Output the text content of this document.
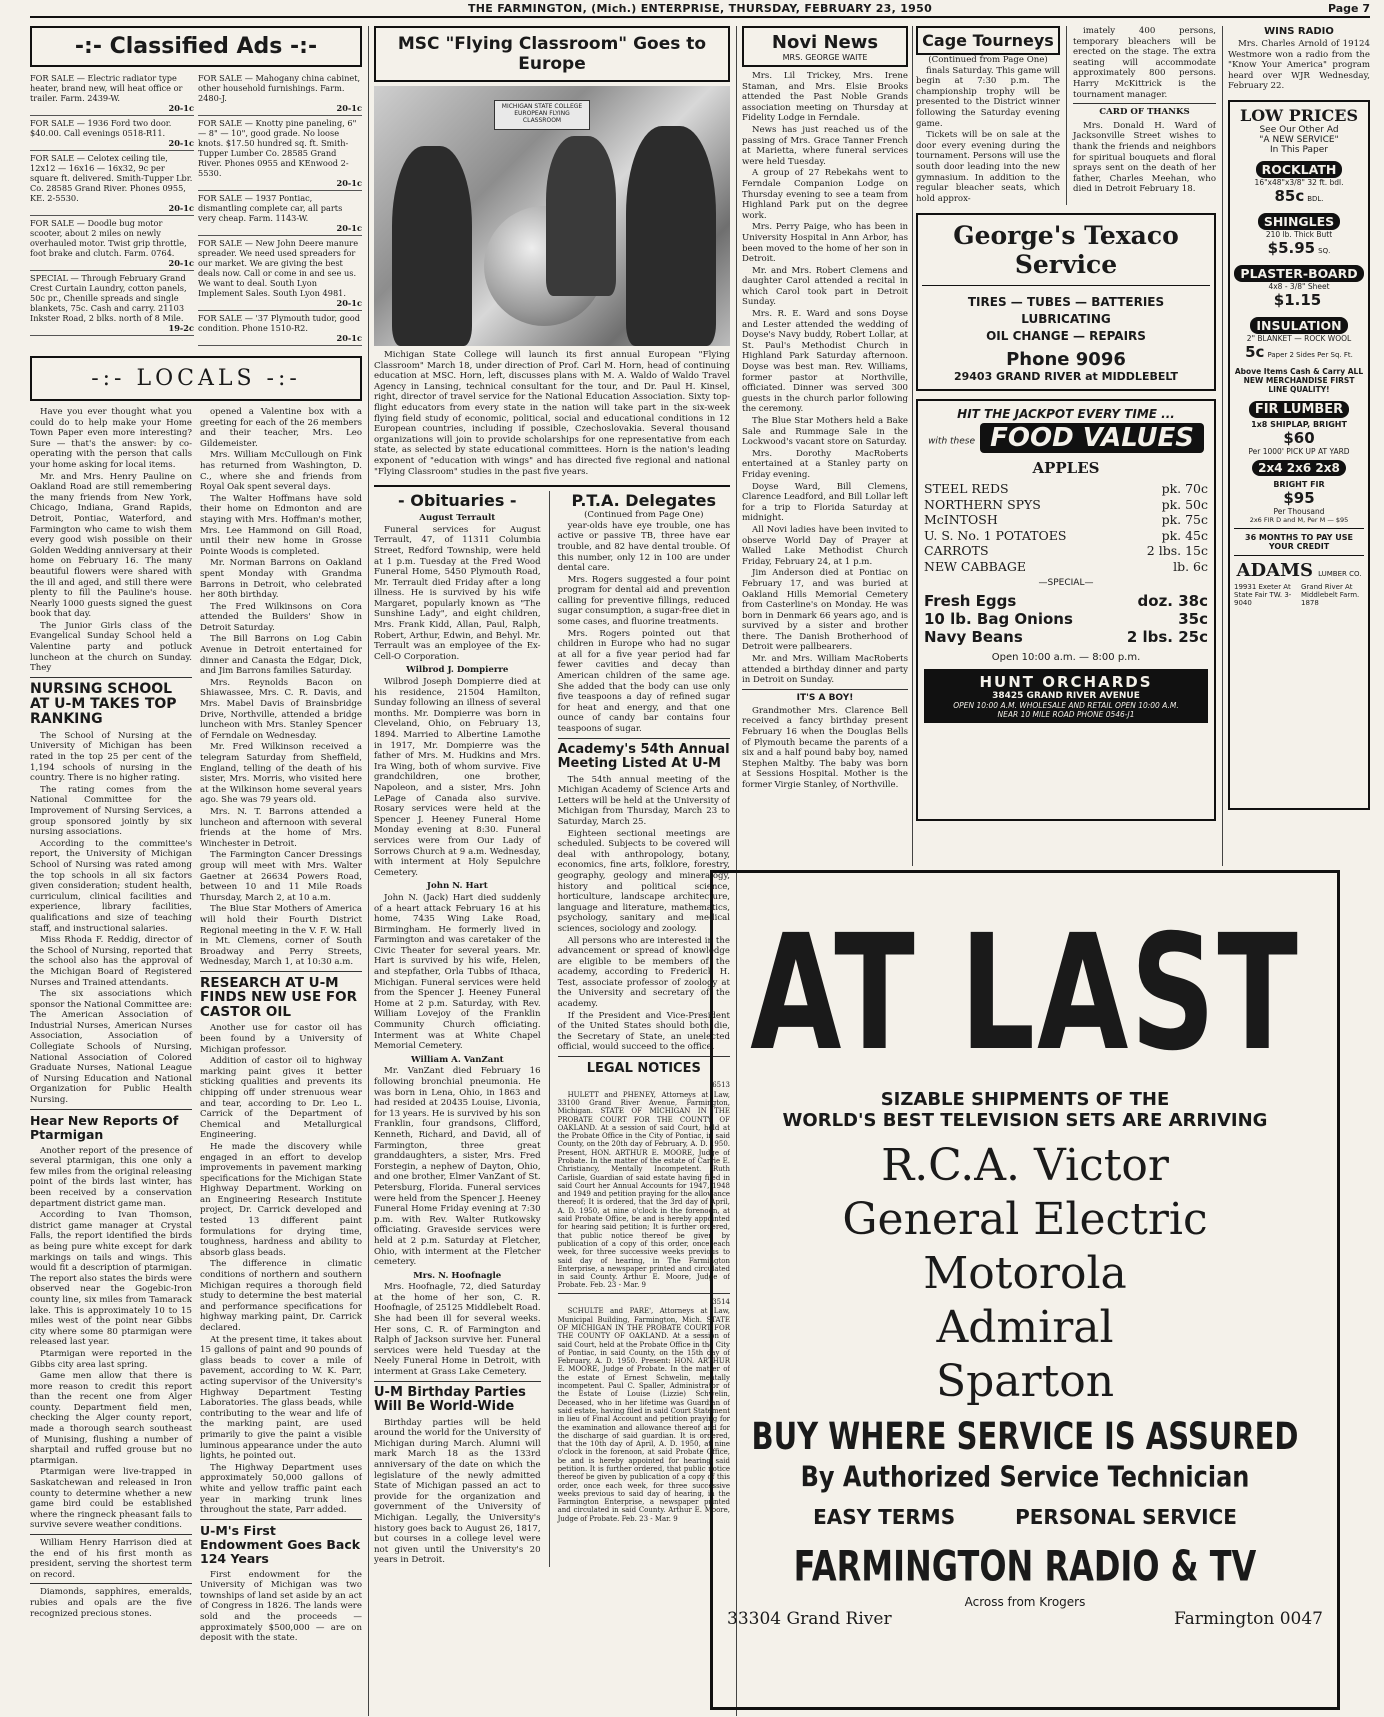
THE FARMINGTON, (Mich.) ENTERPRISE, THURSDAY, FEBRUARY 23, 1950	Page 7
-:- Classified Ads -:-
FOR SALE — Electric radiator type heater, brand new, will heat office or trailer. Farm. 2439-W.
20-1c
FOR SALE — 1936 Ford two door. $40.00. Call evenings 0518-R11.
20-1c
FOR SALE — Celotex ceiling tile, 12x12 — 16x16 — 16x32, 9c per square ft. delivered. Smith-Tupper Lbr. Co. 28585 Grand River. Phones 0955, KE. 2-5530.
20-1c
FOR SALE — Doodle bug motor scooter, about 2 miles on newly overhauled motor. Twist grip throttle, foot brake and clutch. Farm. 0764.
20-1c
SPECIAL — Through February Grand Crest Curtain Laundry, cotton panels, 50c pr., Chenille spreads and single blankets, 75c. Cash and carry. 21103 Inkster Road, 2 blks. north of 8 Mile.
19-2c
FOR SALE — Mahogany china cabinet, other household furnishings. Farm. 2480-J.
20-1c
FOR SALE — Knotty pine paneling, 6" — 8" — 10", good grade. No loose knots. $17.50 hundred sq. ft. Smith-Tupper Lumber Co. 28585 Grand River. Phones 0955 and KEnwood 2-5530.
20-1c
FOR SALE — 1937 Pontiac, dismantling complete car, all parts very cheap. Farm. 1143-W.
20-1c
FOR SALE — New John Deere manure spreader. We need used spreaders for our market. We are giving the best deals now. Call or come in and see us. We want to deal. South Lyon Implement Sales. South Lyon 4981.
20-1c
FOR SALE — '37 Plymouth tudor, good condition. Phone 1510-R2.
20-1c
-:- LOCALS -:-

Have you ever thought what you could do to help make your Home Town Paper even more interesting? Sure — that's the answer: by co-operating with the person that calls your home asking for local items.

Mr. and Mrs. Henry Pauline on Oakland Road are still remembering the many friends from New York, Chicago, Indiana, Grand Rapids, Detroit, Pontiac, Waterford, and Farmington who came to wish them every good wish possible on their Golden Wedding anniversary at their home on February 16. The many beautiful flowers were shared with the ill and aged, and still there were plenty to fill the Pauline's house. Nearly 1000 guests signed the guest book that day.

The Junior Girls class of the Evangelical Sunday School held a Valentine party and potluck luncheon at the church on Sunday. They

NURSING SCHOOL AT U-M TAKES TOP RANKING

The School of Nursing at the University of Michigan has been rated in the top 25 per cent of the 1,194 schools of nursing in the country. There is no higher rating.

The rating comes from the National Committee for the Improvement of Nursing Services, a group sponsored jointly by six nursing associations.

According to the committee's report, the University of Michigan School of Nursing was rated among the top schools in all six factors given consideration; student health, curriculum, clinical facilities and experience, library facilities, qualifications and size of teaching staff, and instructional salaries.

Miss Rhoda F. Reddig, director of the School of Nursing, reported that the school also has the approval of the Michigan Board of Registered Nurses and Trained attendants.

The six associations which sponsor the National Committee are: The American Association of Industrial Nurses, American Nurses Association, Association of Collegiate Schools of Nursing, National Association of Colored Graduate Nurses, National League of Nursing Education and National Organization for Public Health Nursing.

Hear New Reports Of Ptarmigan

Another report of the presence of several ptarmigan, this one only a few miles from the original releasing point of the birds last winter, has been received by a conservation department district game man.

According to Ivan Thomson, district game manager at Crystal Falls, the report identified the birds as being pure white except for dark markings on tails and wings. This would fit a description of ptarmigan. The report also states the birds were observed near the Gogebic-Iron county line, six miles from Tamarack lake. This is approximately 10 to 15 miles west of the point near Gibbs city where some 80 ptarmigan were released last year.

Ptarmigan were reported in the Gibbs city area last spring.

Game men allow that there is more reason to credit this report than the recent one from Alger county. Department field men, checking the Alger county report, made a thorough search southeast of Munising, flushing a number of sharptail and ruffed grouse but no ptarmigan.

Ptarmigan were live-trapped in Saskatchewan and released in Iron county to determine whether a new game bird could be established where the ringneck pheasant fails to survive severe weather conditions.

William Henry Harrison died at the end of his first month as president, serving the shortest term on record.

Diamonds, sapphires, emeralds, rubies and opals are the five recognized precious stones.

opened a Valentine box with a greeting for each of the 26 members and their teacher, Mrs. Leo Gildemeister.

Mrs. William McCullough on Fink has returned from Washington, D. C., where she and friends from Royal Oak spent several days.

The Walter Hoffmans have sold their home on Edmonton and are staying with Mrs. Hoffman's mother, Mrs. Lee Hammond on Gill Road, until their new home in Grosse Pointe Woods is completed.

Mr. Norman Barrons on Oakland spent Monday with Grandma Barrons in Detroit, who celebrated her 80th birthday.

The Fred Wilkinsons on Cora attended the Builders' Show in Detroit Saturday.

The Bill Barrons on Log Cabin Avenue in Detroit entertained for dinner and Canasta the Edgar, Dick, and Jim Barrons families Saturday.

Mrs. Reynolds Bacon on Shiawassee, Mrs. C. R. Davis, and Mrs. Mabel Davis of Brainsbridge Drive, Northville, attended a bridge luncheon with Mrs. Stanley Spencer of Ferndale on Wednesday.

Mr. Fred Wilkinson received a telegram Saturday from Sheffield, England, telling of the death of his sister, Mrs. Morris, who visited here at the Wilkinson home several years ago. She was 79 years old.

Mrs. N. T. Barrons attended a luncheon and afternoon with several friends at the home of Mrs. Winchester in Detroit.

The Farmington Cancer Dressings group will meet with Mrs. Walter Gaetner at 26634 Powers Road, between 10 and 11 Mile Roads Thursday, March 2, at 10 a.m.

The Blue Star Mothers of America will hold their Fourth District Regional meeting in the V. F. W. Hall in Mt. Clemens, corner of South Broadway and Perry Streets, Wednesday, March 1, at 10:30 a.m.

RESEARCH AT U-M FINDS NEW USE FOR CASTOR OIL

Another use for castor oil has been found by a University of Michigan professor.

Addition of castor oil to highway marking paint gives it better sticking qualities and prevents its chipping off under strenuous wear and tear, according to Dr. Leo L. Carrick of the Department of Chemical and Metallurgical Engineering.

He made the discovery while engaged in an effort to develop improvements in pavement marking specifications for the Michigan State Highway Department. Working on an Engineering Research Institute project, Dr. Carrick developed and tested 13 different paint formulations for drying time, toughness, hardness and ability to absorb glass beads.

The difference in climatic conditions of northern and southern Michigan requires a thorough field study to determine the best material and performance specifications for highway marking paint, Dr. Carrick declared.

At the present time, it takes about 15 gallons of paint and 90 pounds of glass beads to cover a mile of pavement, according to W. K. Parr, acting supervisor of the University's Highway Department Testing Laboratories. The glass beads, while contributing to the wear and life of the marking paint, are used primarily to give the paint a visible luminous appearance under the auto lights, he pointed out.

The Highway Department uses approximately 50,000 gallons of white and yellow traffic paint each year in marking trunk lines throughout the state, Parr added.

U-M's First Endowment Goes Back 124 Years

First endowment for the University of Michigan was two townships of land set aside by an act of Congress in 1826. The lands were sold and the proceeds — approximately $500,000 — are on deposit with the state.

MSC "Flying Classroom" Goes to Europe
MICHIGAN STATE COLLEGE EUROPEAN FLYING CLASSROOM

Michigan State College will launch its first annual European "Flying Classroom" March 18, under direction of Prof. Carl M. Horn, head of continuing education at MSC. Horn, left, discusses plans with M. A. Waldo of Waldo Travel Agency in Lansing, technical consultant for the tour, and Dr. Paul H. Kinsel, right, director of travel service for the National Education Association. Sixty top-flight educators from every state in the nation will take part in the six-week flying field study of economic, political, social and educational conditions in 12 European countries, including if possible, Czechoslovakia. Several thousand organizations will join to provide scholarships for one representative from each state, as selected by state educational committees. Horn is the nation's leading exponent of "education with wings" and has directed five regional and national "Flying Classroom" studies in the past five years.

- Obituaries -
August Terrault

Funeral services for August Terrault, 47, of 11311 Columbia Street, Redford Township, were held at 1 p.m. Tuesday at the Fred Wood Funeral Home, 5450 Plymouth Road, Mr. Terrault died Friday after a long illness. He is survived by his wife Margaret, popularly known as "The Sunshine Lady", and eight children, Mrs. Frank Kidd, Allan, Paul, Ralph, Robert, Arthur, Edwin, and Behyl. Mr. Terrault was an employee of the Ex-Cell-O Corporation.

Wilbrod J. Dompierre

Wilbrod Joseph Dompierre died at his residence, 21504 Hamilton, Sunday following an illness of several months. Mr. Dompierre was born in Cleveland, Ohio, on February 13, 1894. Married to Albertine Lamothe in 1917, Mr. Dompierre was the father of Mrs. M. Hudkins and Mrs. Ira Wing, both of whom survive. Five grandchildren, one brother, Napoleon, and a sister, Mrs. John LePage of Canada also survive. Rosary services were held at the Spencer J. Heeney Funeral Home Monday evening at 8:30. Funeral services were from Our Lady of Sorrows Church at 9 a.m. Wednesday, with interment at Holy Sepulchre Cemetery.

John N. Hart

John N. (Jack) Hart died suddenly of a heart attack February 16 at his home, 7435 Wing Lake Road, Birmingham. He formerly lived in Farmington and was caretaker of the Civic Theater for several years. Mr. Hart is survived by his wife, Helen, and stepfather, Orla Tubbs of Ithaca, Michigan. Funeral services were held from the Spencer J. Heeney Funeral Home at 2 p.m. Saturday, with Rev. William Lovejoy of the Franklin Community Church officiating. Interment was at White Chapel Memorial Cemetery.

William A. VanZant

Mr. VanZant died February 16 following bronchial pneumonia. He was born in Lena, Ohio, in 1863 and had resided at 20435 Louise, Livonia, for 13 years. He is survived by his son Franklin, four grandsons, Clifford, Kenneth, Richard, and David, all of Farmington, three great granddaughters, a sister, Mrs. Fred Forstegin, a nephew of Dayton, Ohio, and one brother, Elmer VanZant of St. Petersburg, Florida. Funeral services were held from the Spencer J. Heeney Funeral Home Friday evening at 7:30 p.m. with Rev. Walter Rutkowsky officiating. Graveside services were held at 2 p.m. Saturday at Fletcher, Ohio, with interment at the Fletcher cemetery.

Mrs. N. Hoofnagle

Mrs. Hoofnagle, 72, died Saturday at the home of her son, C. R. Hoofnagle, of 25125 Middlebelt Road. She had been ill for several weeks. Her sons, C. R. of Farmington and Ralph of Jackson survive her. Funeral services were held Tuesday at the Neely Funeral Home in Detroit, with interment at Grass Lake Cemetery.

U-M Birthday Parties Will Be World-Wide

Birthday parties will be held around the world for the University of Michigan during March. Alumni will mark March 18 as the 133rd anniversary of the date on which the legislature of the newly admitted State of Michigan passed an act to provide for the organization and government of the University of Michigan. Legally, the University's history goes back to August 26, 1817, but courses in a college level were not given until the University's 20 years in Detroit.

P.T.A. Delegates
(Continued from Page One)

year-olds have eye trouble, one has active or passive TB, three have ear trouble, and 82 have dental trouble. Of this number, only 12 in 100 are under dental care.

Mrs. Rogers suggested a four point program for dental aid and prevention calling for preventive fillings, reduced sugar consumption, a sugar-free diet in some cases, and fluorine treatments.

Mrs. Rogers pointed out that children in Europe who had no sugar at all for a five year period had far fewer cavities and decay than American children of the same age. She added that the body can use only five teaspoons a day of refined sugar for heat and energy, and that one ounce of candy bar contains four teaspoons of sugar.

Academy's 54th Annual Meeting Listed At U-M

The 54th annual meeting of the Michigan Academy of Science Arts and Letters will be held at the University of Michigan from Thursday, March 23 to Saturday, March 25.

Eighteen sectional meetings are scheduled. Subjects to be covered will deal with anthropology, botany, economics, fine arts, folklore, forestry, geography, geology and mineralogy, history and political science, horticulture, landscape architecture, language and literature, mathematics, psychology, sanitary and medical sciences, sociology and zoology.

All persons who are interested in the advancement or spread of knowledge are eligible to be members of the academy, according to Frederick H. Test, associate professor of zoology at the University and secretary of the academy.

If the President and Vice-President of the United States should both die, the Secretary of State, an unelected official, would succeed to the office.

LEGAL NOTICES
6513

HULETT and PHENEY, Attorneys at Law, 33100 Grand River Avenue, Farmington, Michigan. STATE OF MICHIGAN IN THE PROBATE COURT FOR THE COUNTY OF OAKLAND. At a session of said Court, held at the Probate Office in the City of Pontiac, in said County, on the 20th day of February, A. D. 1950. Present, HON. ARTHUR E. MOORE, Judge of Probate. In the matter of the estate of Carrie E. Christiancy, Mentally Incompetent. Ruth Carlisle, Guardian of said estate having filed in said Court her Annual Accounts for 1947, 1948 and 1949 and petition praying for the allowance thereof; It is ordered, that the 3rd day of April, A. D. 1950, at nine o'clock in the forenoon, at said Probate Office, be and is hereby appointed for hearing said petition; It is further ordered, that public notice thereof be given by publication of a copy of this order, once each week, for three successive weeks previous to said day of hearing, in The Farmington Enterprise, a newspaper printed and circulated in said County. Arthur E. Moore, Judge of Probate. Feb. 23 - Mar. 9

3514

SCHULTE and PARE', Attorneys at Law, Municipal Building, Farmington, Mich. STATE OF MICHIGAN IN THE PROBATE COURT FOR THE COUNTY OF OAKLAND. At a session of said Court, held at the Probate Office in the City of Pontiac, in said County, on the 15th day of February, A. D. 1950. Present: HON. ARTHUR E. MOORE, Judge of Probate. In the matter of the estate of Ernest Schwelin, mentally incompetent. Paul C. Spaller, Administrator of the Estate of Louise (Lizzie) Schwelin, Deceased, who in her lifetime was Guardian of said estate, having filed in said Court Statement in lieu of Final Account and petition praying for the examination and allowance thereof and for the discharge of said guardian. It is ordered, that the 10th day of April, A. D. 1950, at nine o'clock in the forenoon, at said Probate Office, be and is hereby appointed for hearing said petition. It is further ordered, that public notice thereof be given by publication of a copy of this order, once each week, for three successive weeks previous to said day of hearing, in the Farmington Enterprise, a newspaper printed and circulated in said County. Arthur E. Moore, Judge of Probate. Feb. 23 - Mar. 9

Novi News
MRS. GEORGE WAITE

Mrs. Lil Trickey, Mrs. Irene Staman, and Mrs. Elsie Brooks attended the Past Noble Grands association meeting on Thursday at Fidelity Lodge in Ferndale.

News has just reached us of the passing of Mrs. Grace Tanner French at Marietta, where funeral services were held Tuesday.

A group of 27 Rebekahs went to Ferndale Companion Lodge on Thursday evening to see a team from Highland Park put on the degree work.

Mrs. Perry Paige, who has been in University Hospital in Ann Arbor, has been moved to the home of her son in Detroit.

Mr. and Mrs. Robert Clemens and daughter Carol attended a recital in which Carol took part in Detroit Sunday.

Mrs. R. E. Ward and sons Doyse and Lester attended the wedding of Doyse's Navy buddy, Robert Lollar, at St. Paul's Methodist Church in Highland Park Saturday afternoon. Doyse was best man. Rev. Williams, former pastor at Northville, officiated. Dinner was served 300 guests in the church parlor following the ceremony.

The Blue Star Mothers held a Bake Sale and Rummage Sale in the Lockwood's vacant store on Saturday.

Mrs. Dorothy MacRoberts entertained at a Stanley party on Friday evening.

Doyse Ward, Bill Clemens, Clarence Leadford, and Bill Lollar left for a trip to Florida Saturday at midnight.

All Novi ladies have been invited to observe World Day of Prayer at Walled Lake Methodist Church Friday, February 24, at 1 p.m.

Jim Anderson died at Pontiac on February 17, and was buried at Oakland Hills Memorial Cemetery from Casterline's on Monday. He was born in Denmark 66 years ago, and is survived by a sister and brother there. The Danish Brotherhood of Detroit were pallbearers.

Mr. and Mrs. William MacRoberts attended a birthday dinner and party in Detroit on Sunday.

IT'S A BOY!

Grandmother Mrs. Clarence Bell received a fancy birthday present February 16 when the Douglas Bells of Plymouth became the parents of a six and a half pound baby boy, named Stephen Maltby. The baby was born at Sessions Hospital. Mother is the former Virgie Stanley, of Northville.

Cage Tourneys
(Continued from Page One)

finals Saturday. This game will begin at 7:30 p.m. The championship trophy will be presented to the District winner following the Saturday evening game.

Tickets will be on sale at the door every evening during the tournament. Persons will use the south door leading into the new gymnasium. In addition to the regular bleacher seats, which hold approx-

imately 400 persons, temporary bleachers will be erected on the stage. The extra seating will accommodate approximately 800 persons. Harry McKittrick is the tournament manager.

CARD OF THANKS

Mrs. Donald H. Ward of Jacksonville Street wishes to thank the friends and neighbors for spiritual bouquets and floral sprays sent on the death of her father, Charles Meehan, who died in Detroit February 18.

George's Texaco Service
TIRES — TUBES — BATTERIES
LUBRICATING
OIL CHANGE — REPAIRS
Phone 9096
29403 GRAND RIVER at MIDDLEBELT
HIT THE JACKPOT EVERY TIME ...
with these FOOD VALUES
APPLES
STEEL REDS	pk. 70c
NORTHERN SPYS	pk. 50c
McINTOSH	pk. 75c
U. S. No. 1 POTATOES	pk. 45c
CARROTS	2 lbs. 15c
NEW CABBAGE	lb. 6c
—SPECIAL—
Fresh Eggs	doz. 38c
10 lb. Bag Onions	35c
Navy Beans	2 lbs. 25c
Open 10:00 a.m. — 8:00 p.m.
HUNT ORCHARDS
38425 GRAND RIVER AVENUE
OPEN 10:00 A.M. WHOLESALE AND RETAIL OPEN 10:00 A.M.
NEAR 10 MILE ROAD PHONE 0546-J1
WINS RADIO

Mrs. Charles Arnold of 19124 Westmore won a radio from the "Know Your America" program heard over WJR Wednesday, February 22.

LOW PRICES
See Our Other Ad
"A NEW SERVICE"
In This Paper
ROCKLATH
16"x48"x3/8" 32 ft. bdl.
85c BDL.
SHINGLES
210 lb. Thick Butt
$5.95 SQ.
PLASTER-BOARD
4x8 - 3/8" Sheet
$1.15
INSULATION
2" BLANKET — ROCK WOOL
5c Paper 2 Sides Per Sq. Ft.
Above Items Cash & Carry ALL NEW MERCHANDISE FIRST LINE QUALITY!
FIR LUMBER
1x8 SHIPLAP, BRIGHT
$60
Per 1000' PICK UP AT YARD
2x4 2x6 2x8
BRIGHT FIR
$95
Per Thousand
2x6 FIR D and M, Per M — $95
36 MONTHS TO PAY USE YOUR CREDIT
ADAMS LUMBER CO.
19931 Exeter At State Fair TW. 3-9040
Grand River At Middlebelt Farm. 1878
AT LAST
SIZABLE SHIPMENTS OF THE
WORLD'S BEST TELEVISION SETS ARE ARRIVING
R.C.A. Victor
General Electric
Motorola
Admiral
Sparton
BUY WHERE SERVICE IS ASSURED
By Authorized Service Technician
EASY TERMS	PERSONAL SERVICE
FARMINGTON RADIO & TV
Across from Krogers
33304 Grand River	Farmington 0047
